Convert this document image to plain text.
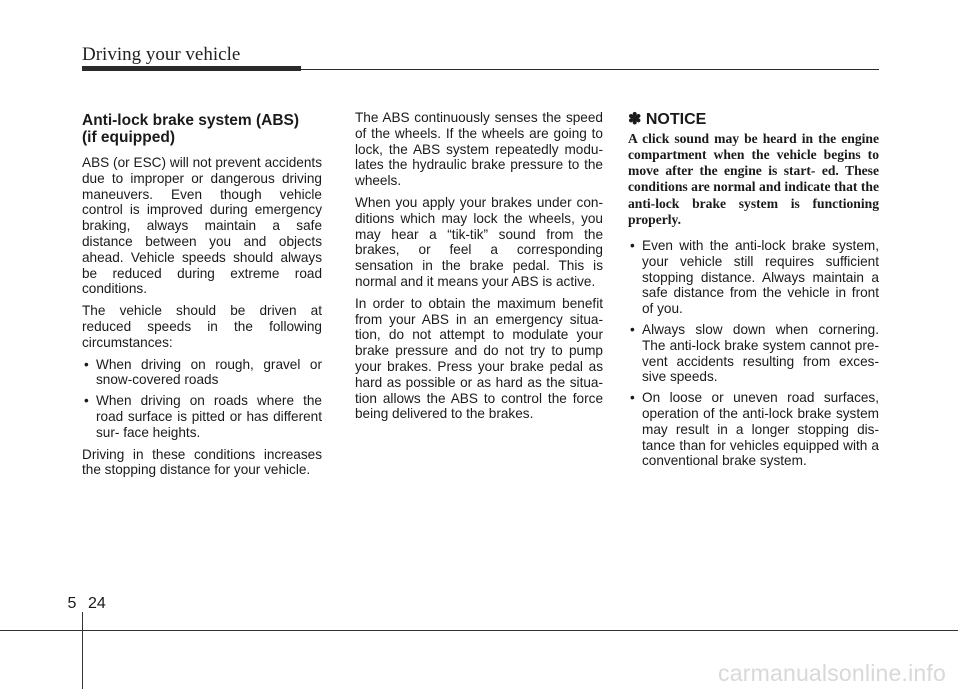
Driving your vehicle
Anti-lock brake system (ABS)
(if equipped)

ABS (or ESC) will not prevent accidents due to improper or dangerous driving maneuvers. Even though vehicle control is improved during emergency braking, always maintain a safe distance between you and objects ahead. Vehicle speeds should always be reduced during extreme road conditions.

The vehicle should be driven at reduced speeds in the following circumstances:

• When driving on rough, gravel or snow-covered roads
• When driving on roads where the road surface is pitted or has different sur- face heights.

Driving in these conditions increases the stopping distance for your vehicle.

The ABS continuously senses the speed of the wheels. If the wheels are going to lock, the ABS system repeatedly modu- lates the hydraulic brake pressure to the wheels.

When you apply your brakes under con- ditions which may lock the wheels, you may hear a “tik-tik” sound from the brakes, or feel a corresponding sensation in the brake pedal. This is normal and it means your ABS is active.

In order to obtain the maximum benefit from your ABS in an emergency situa- tion, do not attempt to modulate your brake pressure and do not try to pump your brakes. Press your brake pedal as hard as possible or as hard as the situa- tion allows the ABS to control the force being delivered to the brakes.

✽ NOTICE
A click sound may be heard in the engine compartment when the vehicle begins to move after the engine is start- ed. These conditions are normal and indicate that the anti-lock brake system is functioning properly.
• Even with the anti-lock brake system, your vehicle still requires sufficient stopping distance. Always maintain a safe distance from the vehicle in front of you.
• Always slow down when cornering. The anti-lock brake system cannot pre- vent accidents resulting from exces- sive speeds.
• On loose or uneven road surfaces, operation of the anti-lock brake system may result in a longer stopping dis- tance than for vehicles equipped with a conventional brake system.
5 24
carmanualsonline.info
